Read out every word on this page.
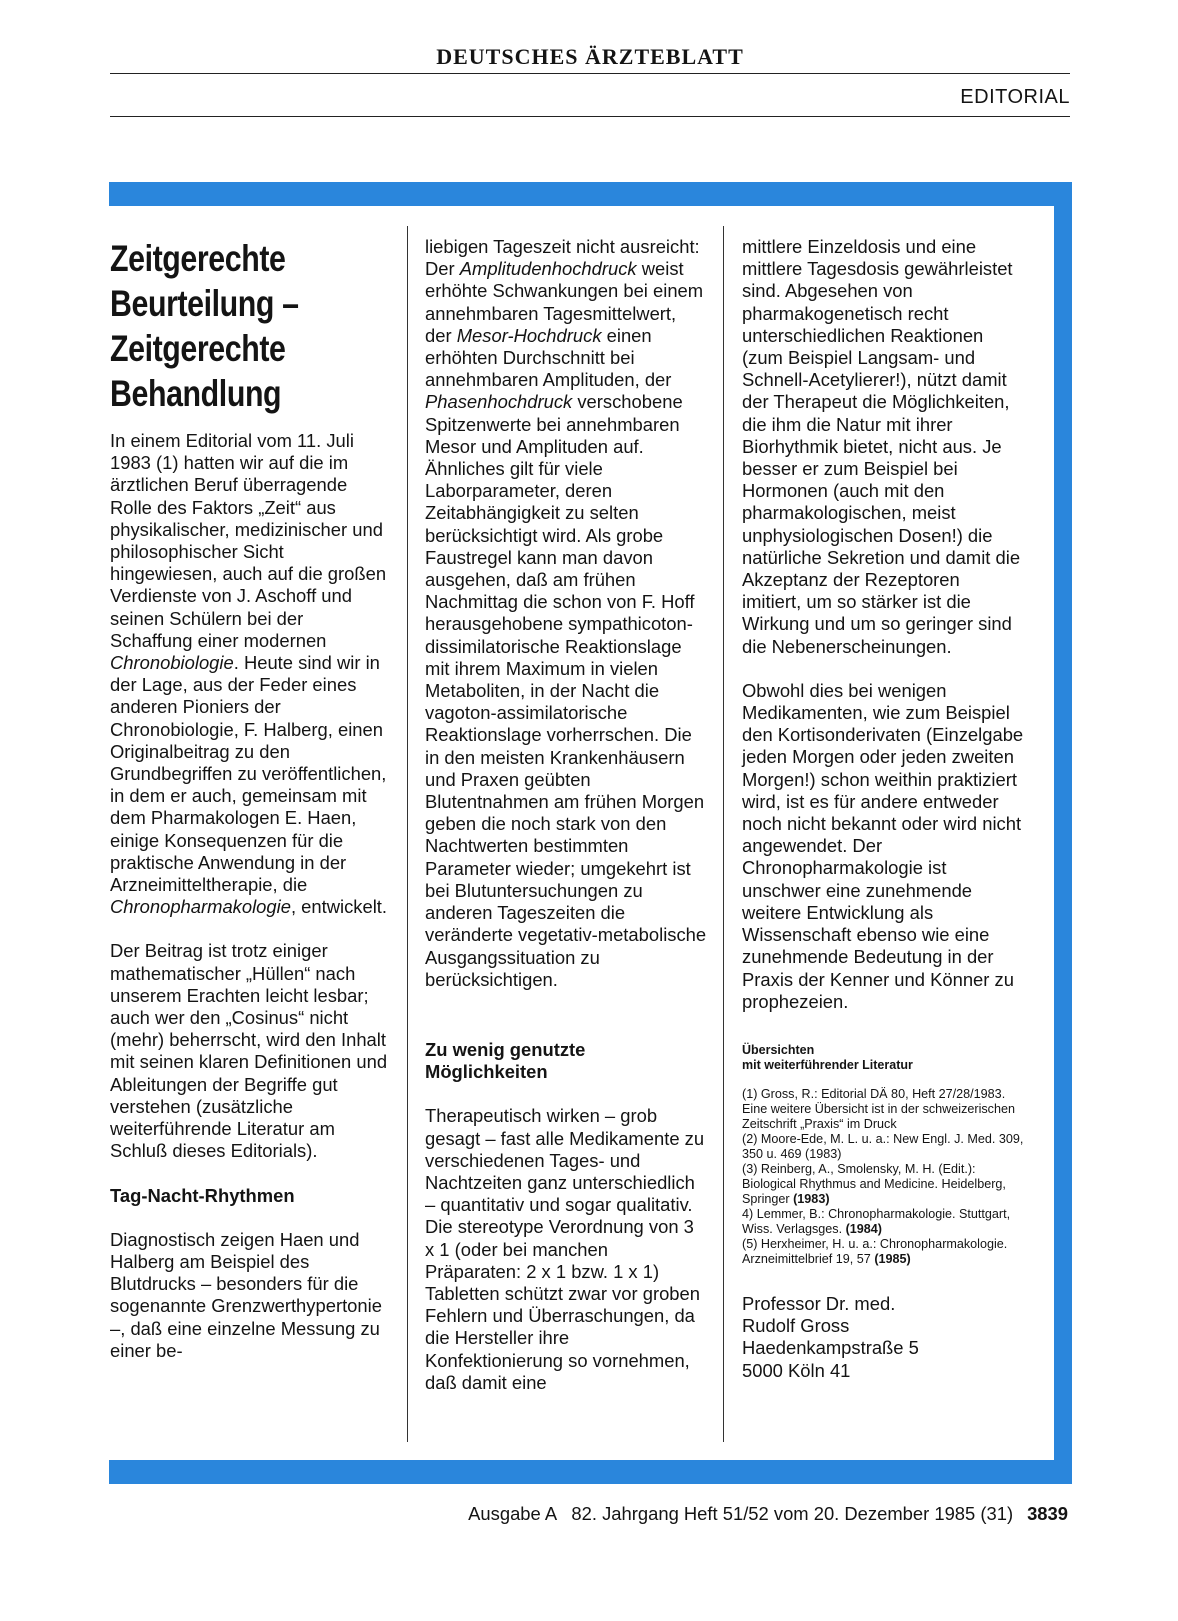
DEUTSCHES ÄRZTEBLATT
EDITORIAL
Zeitgerechte Beurteilung – Zeitgerechte Behandlung

In einem Editorial vom 11. Juli 1983 (1) hatten wir auf die im ärztlichen Beruf überragende Rolle des Faktors „Zeit“ aus physikalischer, medizinischer und philosophischer Sicht hingewiesen, auch auf die großen Verdienste von J. Aschoff und seinen Schülern bei der Schaffung einer modernen Chronobiologie. Heute sind wir in der Lage, aus der Feder eines anderen Pioniers der Chronobiologie, F. Halberg, einen Originalbeitrag zu den Grundbegriffen zu veröffentlichen, in dem er auch, gemeinsam mit dem Pharmakologen E. Haen, einige Konsequenzen für die praktische Anwendung in der Arzneimitteltherapie, die Chronopharmakologie, entwickelt.

Der Beitrag ist trotz einiger mathematischer „Hüllen“ nach unserem Erachten leicht lesbar; auch wer den „Cosinus“ nicht (mehr) beherrscht, wird den Inhalt mit seinen klaren Definitionen und Ableitungen der Begriffe gut verstehen (zusätzliche weiterführende Literatur am Schluß dieses Editorials).

Tag-Nacht-Rhythmen

Diagnostisch zeigen Haen und Halberg am Beispiel des Blutdrucks – besonders für die sogenannte Grenzwerthypertonie –, daß eine einzelne Messung zu einer be-

liebigen Tageszeit nicht ausreicht: Der Amplitudenhochdruck weist erhöhte Schwankungen bei einem annehmbaren Tagesmittelwert, der Mesor-Hochdruck einen erhöhten Durchschnitt bei annehmbaren Amplituden, der Phasenhochdruck verschobene Spitzenwerte bei annehmbaren Mesor und Amplituden auf. Ähnliches gilt für viele Laborparameter, deren Zeitabhängigkeit zu selten berücksichtigt wird. Als grobe Faustregel kann man davon ausgehen, daß am frühen Nachmittag die schon von F. Hoff herausgehobene sympathicoton-dissimilatorische Reaktionslage mit ihrem Maximum in vielen Metaboliten, in der Nacht die vagoton-assimilatorische Reaktionslage vorherrschen. Die in den meisten Krankenhäusern und Praxen geübten Blutentnahmen am frühen Morgen geben die noch stark von den Nachtwerten bestimmten Parameter wieder; umgekehrt ist bei Blutuntersuchungen zu anderen Tageszeiten die veränderte vegetativ-metabolische Ausgangssituation zu berücksichtigen.

Zu wenig genutzte
Möglichkeiten

Therapeutisch wirken – grob gesagt – fast alle Medikamente zu verschiedenen Tages- und Nachtzeiten ganz unterschiedlich – quantitativ und sogar qualitativ. Die stereotype Verordnung von 3 x 1 (oder bei manchen Präparaten: 2 x 1 bzw. 1 x 1) Tabletten schützt zwar vor groben Fehlern und Überraschungen, da die Hersteller ihre Konfektionierung so vornehmen, daß damit eine

mittlere Einzeldosis und eine mittlere Tagesdosis gewährleistet sind. Abgesehen von pharmakogenetisch recht unterschiedlichen Reaktionen (zum Beispiel Langsam- und Schnell-Acetylierer!), nützt damit der Therapeut die Möglichkeiten, die ihm die Natur mit ihrer Biorhythmik bietet, nicht aus. Je besser er zum Beispiel bei Hormonen (auch mit den pharmakologischen, meist unphysiologischen Dosen!) die natürliche Sekretion und damit die Akzeptanz der Rezeptoren imitiert, um so stärker ist die Wirkung und um so geringer sind die Nebenerscheinungen.

Obwohl dies bei wenigen Medikamenten, wie zum Beispiel den Kortisonderivaten (Einzelgabe jeden Morgen oder jeden zweiten Morgen!) schon weithin praktiziert wird, ist es für andere entweder noch nicht bekannt oder wird nicht angewendet. Der Chronopharmakologie ist unschwer eine zunehmende weitere Entwicklung als Wissenschaft ebenso wie eine zunehmende Bedeutung in der Praxis der Kenner und Könner zu prophezeien.

Übersichten
mit weiterführender Literatur
(1) Gross, R.: Editorial DÄ 80, Heft 27/28/1983. Eine weitere Übersicht ist in der schweizerischen Zeitschrift „Praxis“ im Druck
(2) Moore-Ede, M. L. u. a.: New Engl. J. Med. 309, 350 u. 469 (1983)
(3) Reinberg, A., Smolensky, M. H. (Edit.): Biological Rhythmus and Medicine. Heidelberg, Springer (1983)
4) Lemmer, B.: Chronopharmakologie. Stuttgart, Wiss. Verlagsges. (1984)
(5) Herxheimer, H. u. a.: Chronopharmakologie. Arzneimittelbrief 19, 57 (1985)
Professor Dr. med.
Rudolf Gross
Haedenkampstraße 5
5000 Köln 41
Ausgabe A   82. Jahrgang Heft 51/52 vom 20. Dezember 1985 (31) 3839
